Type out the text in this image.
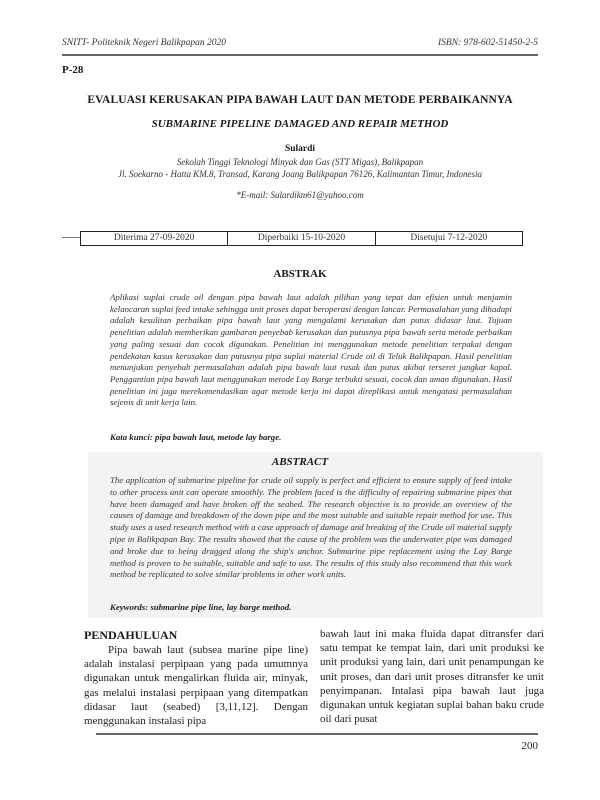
SNITT- Politeknik Negeri Balikpapan 2020	ISBN: 978-602-51450-2-5
P-28
EVALUASI KERUSAKAN PIPA BAWAH LAUT DAN METODE PERBAIKANNYA
SUBMARINE PIPELINE DAMAGED AND REPAIR METHOD
Sulardi
Sekolah Tinggi Teknologi Minyak dan Gas (STT Migas), Balikpapan
Jl. Soekarno - Hatta KM.8, Transad, Karang Joang Balikpapan 76126, Kalimantan Timur, Indonesia
*E-mail: Sulardikm61@yahoo.com
Diterima 27-09-2020	Diperbaiki 15-10-2020	Disetujui 7-12-2020
ABSTRAK
Aplikasi suplai crude oil dengan pipa bawah laut adalah pilihan yang tepat dan efisien untuk menjamin kelancaran suplai feed intake sehingga unit proses dapat beroperasi dengan lancar. Permasalahan yang dihadapi adalah kesulitan perbaikan pipa bawah laut yang mengalami kerusakan dan putus didasar laut. Tujuan penelitian adalah memberikan gambaran penyebab kerusakan dan putusnya pipa bawah serta metode perbaikan yang paling sesuai dan cocok digunakan. Penelitian ini menggunakan metode penelitian terpakai dengan pendekatan kasus kerusakan dan putusnya pipa suplai material Crude oil di Teluk Balikpapan. Hasil penelitian menunjukan penyebab permasalahan adalah pipa bawah laut rusak dan putus akibat terseret jangkar kapal. Penggantian pipa bawah laut menggunakan metode Lay Barge terbukti sesuai, cocok dan aman digunakan. Hasil penelitian ini juga merekomendasikan agar metode kerja ini dapat direplikasi untuk mengatasi permasalahan sejenis di unit kerja lain.
Kata kunci: pipa bawah laut, metode lay barge.
ABSTRACT
The application of submarine pipeline for crude oil supply is perfect and efficient to ensure supply of feed intake to other process unit can operate smoothly. The problem faced is the difficulty of repairing submarine pipes that have been damaged and have broken off the seabed. The research objective is to provide an overview of the causes of damage and breakdown of the down pipe and the most suitable and suitable repair method for use. This study uses a used research method with a case approach of damage and breaking of the Crude oil material supply pipe in Balikpapan Bay. The results showed that the cause of the problem was the underwater pipe was damaged and broke due to being dragged along the ship's anchor. Submarine pipe replacement using the Lay Barge method is proven to be suitable, suitable and safe to use. The results of this study also recommend that this work method be replicated to solve similar problems in other work units.
Keywords: submarine pipe line, lay barge method.
PENDAHULUAN
Pipa bawah laut (subsea marine pipe line) adalah instalasi perpipaan yang pada umumnya digunakan untuk mengalirkan fluida air, minyak, gas melalui instalasi perpipaan yang ditempatkan didasar laut (seabed) [3,11,12]. Dengan menggunakan instalasi pipa
bawah laut ini maka fluida dapat ditransfer dari satu tempat ke tempat lain, dari unit produksi ke unit produksi yang lain, dari unit penampungan ke unit proses, dan dari unit proses ditransfer ke unit penyimpanan. Intalasi pipa bawah laut juga digunakan untuk kegiatan suplai bahan baku crude oil dari pusat
200
